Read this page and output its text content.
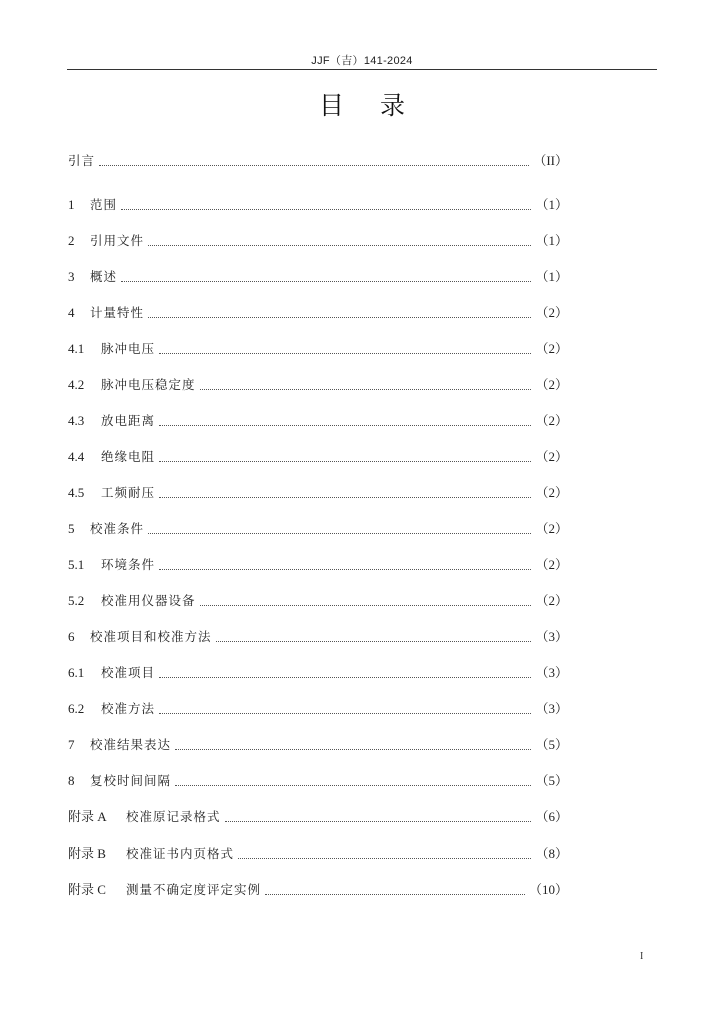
JJF（吉）141-2024
目录
引言	（II）
1	范围	（1）
2	引用文件	（1）
3	概述	（1）
4	计量特性	（2）
4.1	脉冲电压	（2）
4.2	脉冲电压稳定度	（2）
4.3	放电距离	（2）
4.4	绝缘电阻	（2）
4.5	工频耐压	（2）
5	校准条件	（2）
5.1	环境条件	（2）
5.2	校准用仪器设备	（2）
6	校准项目和校准方法	（3）
6.1	校准项目	（3）
6.2	校准方法	（3）
7	校准结果表达	（5）
8	复校时间间隔	（5）
附录 A	校准原记录格式	（6）
附录 B	校准证书内页格式	（8）
附录 C	测量不确定度评定实例	（10）
I
